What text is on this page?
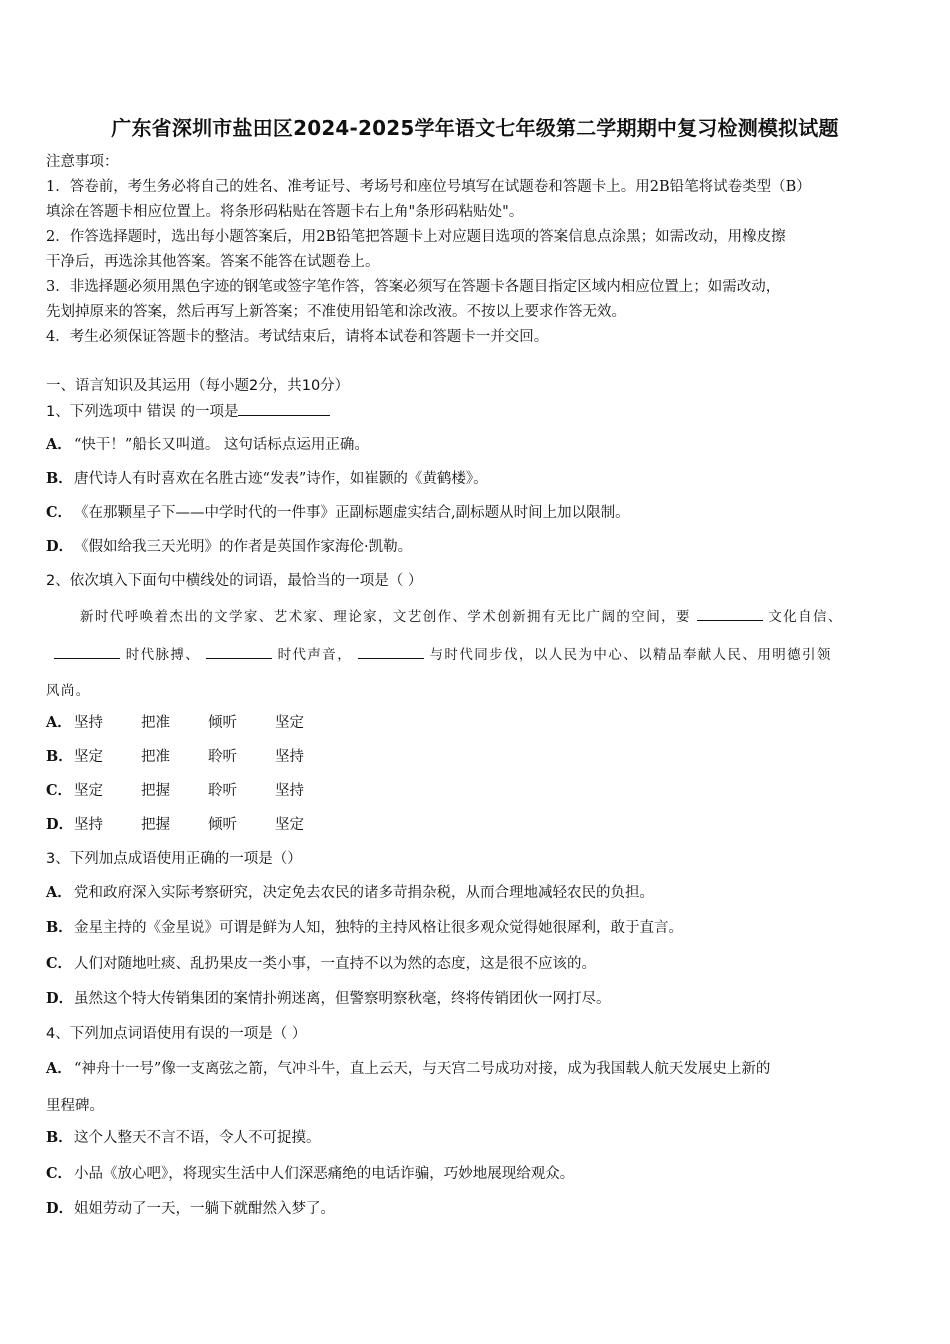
广东省深圳市盐田区2024-2025学年语文七年级第二学期期中复习检测模拟试题
注意事项：
1．答卷前，考生务必将自己的姓名、准考证号、考场号和座位号填写在试题卷和答题卡上。用2B铅笔将试卷类型（B）
填涂在答题卡相应位置上。将条形码粘贴在答题卡右上角"条形码粘贴处"。
2．作答选择题时，选出每小题答案后，用2B铅笔把答题卡上对应题目选项的答案信息点涂黑；如需改动，用橡皮擦
干净后，再选涂其他答案。答案不能答在试题卷上。
3．非选择题必须用黑色字迹的钢笔或签字笔作答，答案必须写在答题卡各题目指定区域内相应位置上；如需改动，
先划掉原来的答案，然后再写上新答案；不准使用铅笔和涂改液。不按以上要求作答无效。
4．考生必须保证答题卡的整洁。考试结束后，请将本试卷和答题卡一并交回。
一、语言知识及其运用（每小题2分，共10分）
1、下列选项中 错误 的一项是
A． “快干！”船长又叫道。 这句话标点运用正确。
B．唐代诗人有时喜欢在名胜古迹“发表”诗作，如崔颢的《黄鹤楼》。
C． 《在那颗星子下——中学时代的一件事》正副标题虚实结合,副标题从时间上加以限制。
D．《假如给我三天光明》的作者是英国作家海伦·凯勒。
2、依次填入下面句中横线处的词语，最恰当的一项是（ ）
新时代呼唤着杰出的文学家、艺术家、理论家，文艺创作、学术创新拥有无比广阔的空间，要	文化自信、
时代脉搏、	时代声音，	与时代同步伐，以人民为中心、以精品奉献人民、用明德引领
风尚。
A． 坚持	把准	倾听	坚定
B．坚定	把准	聆听	坚持
C． 坚定	把握	聆听	坚持
D．坚持	把握	倾听	坚定
3、下列加点成语使用正确的一项是（）
A． 党和政府深入实际考察研究，决定免去农民的诸多苛捐杂税，从而合理地减轻农民的负担。
B．金星主持的《金星说》可谓是鲜为人知，独特的主持风格让很多观众觉得她很犀利，敢于直言。
C． 人们对随地吐痰、乱扔果皮一类小事，一直持不以为然的态度，这是很不应该的。
D．虽然这个特大传销集团的案情扑朔迷离，但警察明察秋毫，终将传销团伙一网打尽。
4、下列加点词语使用有误的一项是（ ）
A． “神舟十一号”像一支离弦之箭，气冲斗牛，直上云天，与天宫二号成功对接，成为我国载人航天发展史上新的
里程碑。
B．这个人整天不言不语，令人不可捉摸。
C． 小品《放心吧》，将现实生活中人们深恶痛绝的电话诈骗，巧妙地展现给观众。
D．姐姐劳动了一天，一躺下就酣然入梦了。
